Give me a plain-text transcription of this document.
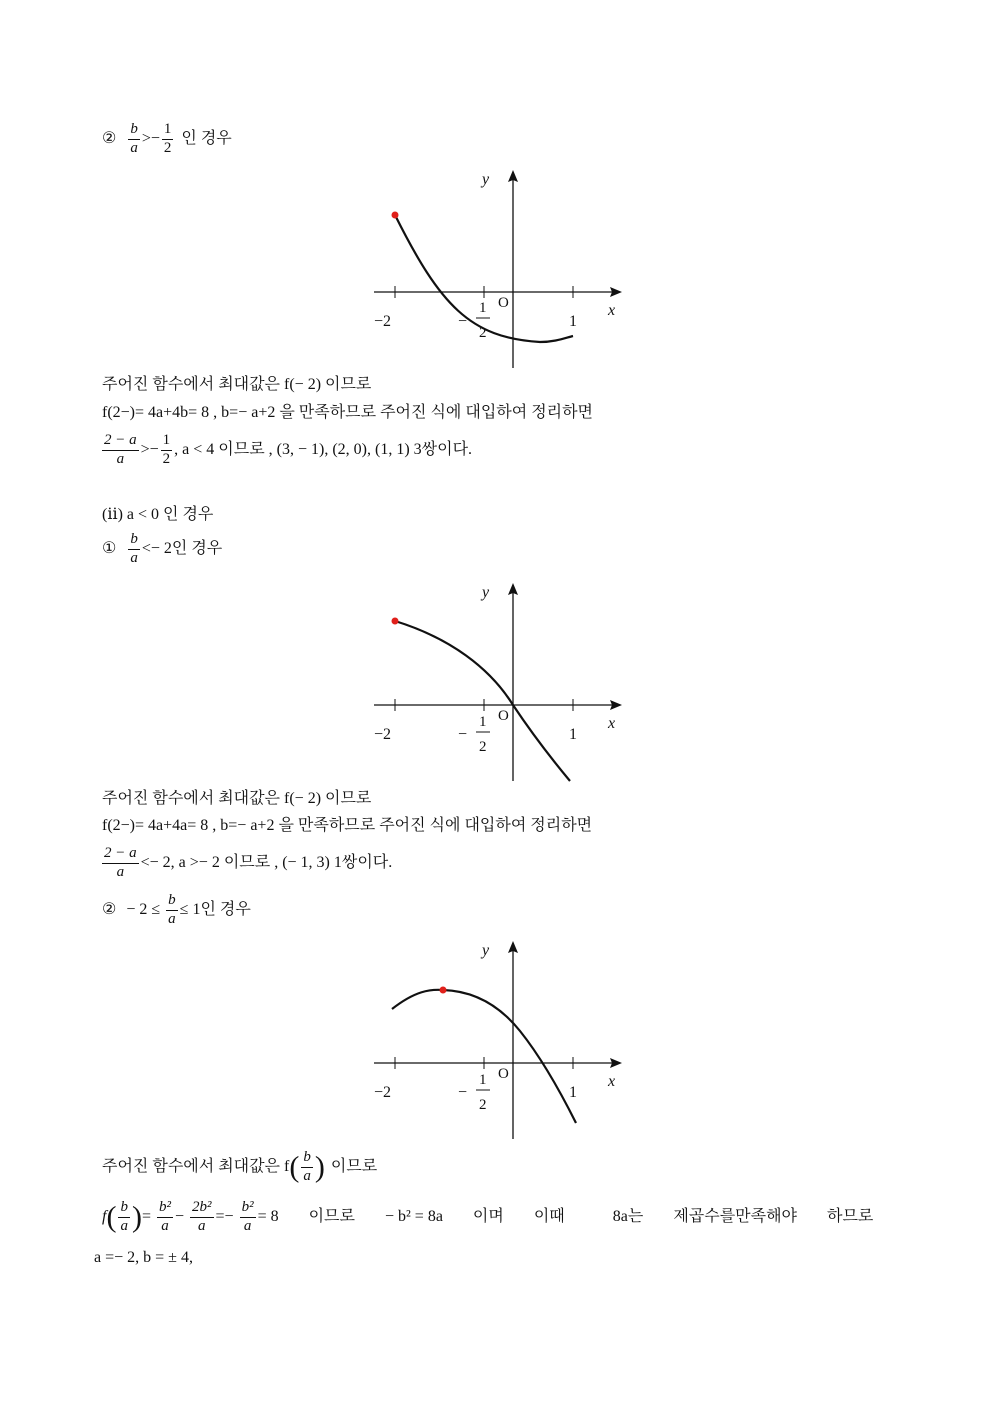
② $\frac{b}{a} >- \frac{1}{2}$ 인 경우
y
x
O
−2	−
1
2
1
주어진 함수에서 최대값은 f(− 2) 이므로
f(2−)= 4a+4b= 8 , b=− a+2 을 만족하므로 주어진 식에 대입하여 정리하면
$\frac{2 - a}{a} >- \frac{1}{2}$ , a < 4 이므로 , (3, − 1), (2, 0), (1, 1) 3쌍이다.
(ⅱ) a < 0 인 경우
① $\frac{b}{a} <- 2$인 경우
y
x
O
−2	−
1
2
1
주어진 함수에서 최대값은 f(− 2) 이므로
f(2−)= 4a+4a= 8 , b=− a+2 을 만족하므로 주어진 식에 대입하여 정리하면
$\frac{2 - a}{a} <- 2$, a >− 2 이므로 , (− 1, 3) 1쌍이다.
② − $2 \le \frac{b}{a} \le 1$인 경우
y
x
O
−2	−
1
2
1
주어진 함수에서 최대값은 $f( \frac{b}{a}$ ) 이므로
$f( \frac{b}{a}$ )= $\frac{\text{b²}}{a} - \frac{\text{2b²}}{a} =- \frac{\text{b²}}{a} = 8$ 이므로 − b² = 8a 이며 이때	8a는 제곱수를만족해야 하므로
a =− 2, b = ± 4,
